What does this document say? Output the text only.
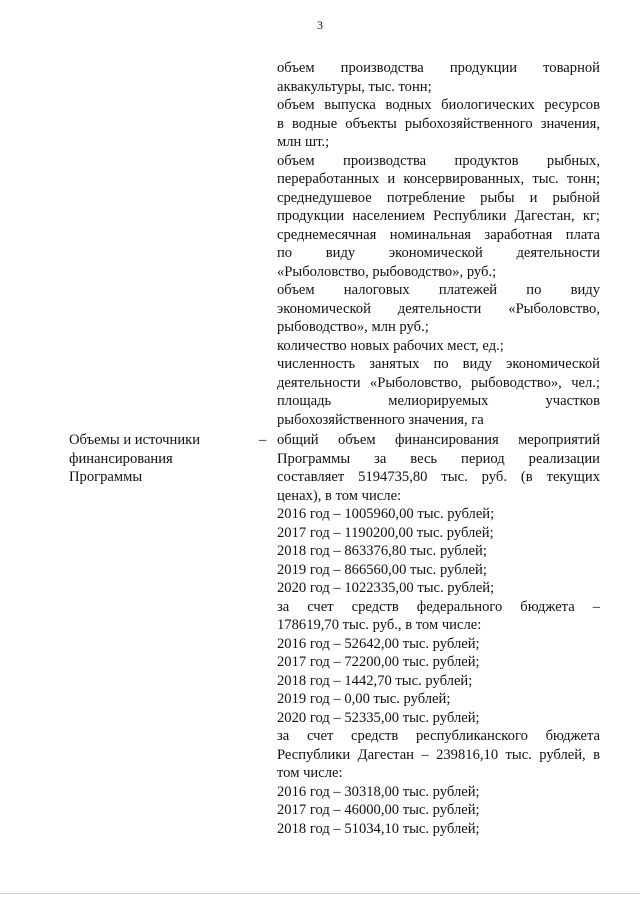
3
объем производства продукции товарной
аквакультуры, тыс. тонн;
объем выпуска водных биологических ресурсов
в водные объекты рыбохозяйственного значения,
млн шт.;
объем производства продуктов рыбных,
переработанных и консервированных, тыс. тонн;
среднедушевое потребление рыбы и рыбной
продукции населением Республики Дагестан, кг;
среднемесячная номинальная заработная плата
по виду экономической деятельности
«Рыболовство, рыбоводство», руб.;
объем налоговых платежей по виду
экономической деятельности «Рыболовство,
рыбоводство», млн руб.;
количество новых рабочих мест, ед.;
численность занятых по виду экономической
деятельности «Рыболовство, рыбоводство», чел.;
площадь мелиорируемых участков
рыбохозяйственного значения, га
Объемы и источники
финансирования
Программы
– общий объем финансирования мероприятий
Программы за весь период реализации
составляет 5194735,80 тыс. руб. (в текущих
ценах), в том числе:
2016 год – 1005960,00 тыс. рублей;
2017 год – 1190200,00 тыс. рублей;
2018 год – 863376,80 тыс. рублей;
2019 год – 866560,00 тыс. рублей;
2020 год – 1022335,00 тыс. рублей;
за счет средств федерального бюджета –
178619,70 тыс. руб., в том числе:
2016 год – 52642,00 тыс. рублей;
2017 год – 72200,00 тыс. рублей;
2018 год – 1442,70 тыс. рублей;
2019 год – 0,00 тыс. рублей;
2020 год – 52335,00 тыс. рублей;
за счет средств республиканского бюджета
Республики Дагестан – 239816,10 тыс. рублей, в
том числе:
2016 год – 30318,00 тыс. рублей;
2017 год – 46000,00 тыс. рублей;
2018 год – 51034,10 тыс. рублей;
